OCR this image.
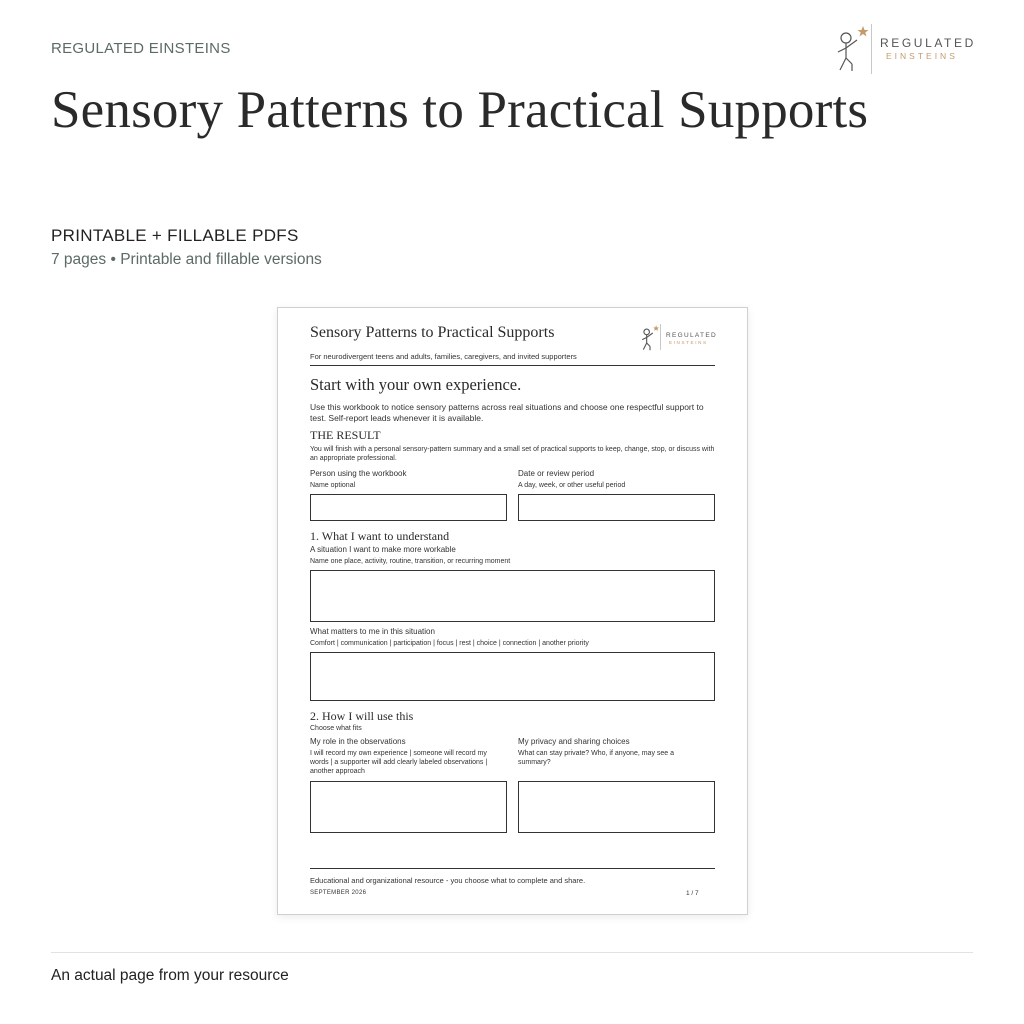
REGULATED EINSTEINS	REGULATED
EINSTEINS
Sensory Patterns to Practical Supports
PRINTABLE + FILLABLE PDFS
7 pages • Printable and fillable versions
Sensory Patterns to Practical Supports	REGULATED
EINSTEINS
For neurodivergent teens and adults, families, caregivers, and invited supporters
Start with your own experience.
Use this workbook to notice sensory patterns across real situations and choose one respectful support to test. Self-report leads whenever it is available.
THE RESULT
You will finish with a personal sensory-pattern summary and a small set of practical supports to keep, change, stop, or discuss with an appropriate professional.
Person using the workbook
Name optional
Date or review period
A day, week, or other useful period
1. What I want to understand
A situation I want to make more workable
Name one place, activity, routine, transition, or recurring moment
What matters to me in this situation
Comfort | communication | participation | focus | rest | choice | connection | another priority
2. How I will use this
Choose what fits
My role in the observations
I will record my own experience | someone will record my words | a supporter will add clearly labeled observations | another approach
My privacy and sharing choices
What can stay private? Who, if anyone, may see a summary?
Educational and organizational resource - you choose what to complete and share.
SEPTEMBER 2026	1 / 7
An actual page from your resource
